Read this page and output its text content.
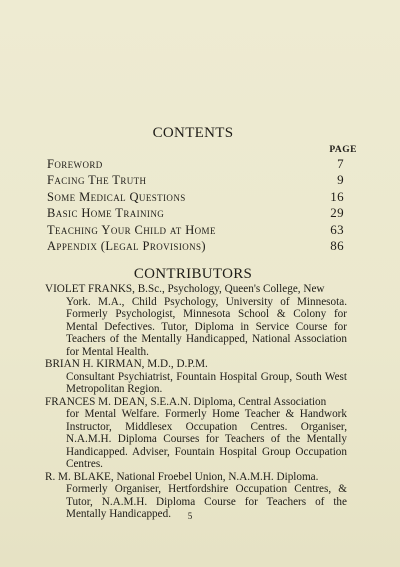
CONTENTS
PAGE
Foreword	7
Facing The Truth	9
Some Medical Questions	16
Basic Home Training	29
Teaching Your Child at Home	63
Appendix (Legal Provisions)	86
CONTRIBUTORS
VIOLET FRANKS, B.Sc., Psychology, Queen's College, New
York. M.A., Child Psychology, University of Minnesota. Formerly Psychologist, Minnesota School & Colony for Mental Defectives. Tutor, Diploma in Service Course for Teachers of the Mentally Handicapped, National Association for Mental Health.
BRIAN H. KIRMAN, M.D., D.P.M.
Consultant Psychiatrist, Fountain Hospital Group, South West Metropolitan Region.
FRANCES M. DEAN, S.E.A.N. Diploma, Central Association
for Mental Welfare. Formerly Home Teacher & Handwork Instructor, Middlesex Occupation Centres. Organiser, N.A.M.H. Diploma Courses for Teachers of the Mentally Handicapped. Adviser, Fountain Hospital Group Occupation Centres.
R. M. BLAKE, National Froebel Union, N.A.M.H. Diploma.
Formerly Organiser, Hertfordshire Occupation Centres, & Tutor, N.A.M.H. Diploma Course for Teachers of the Mentally Handicapped.	5
